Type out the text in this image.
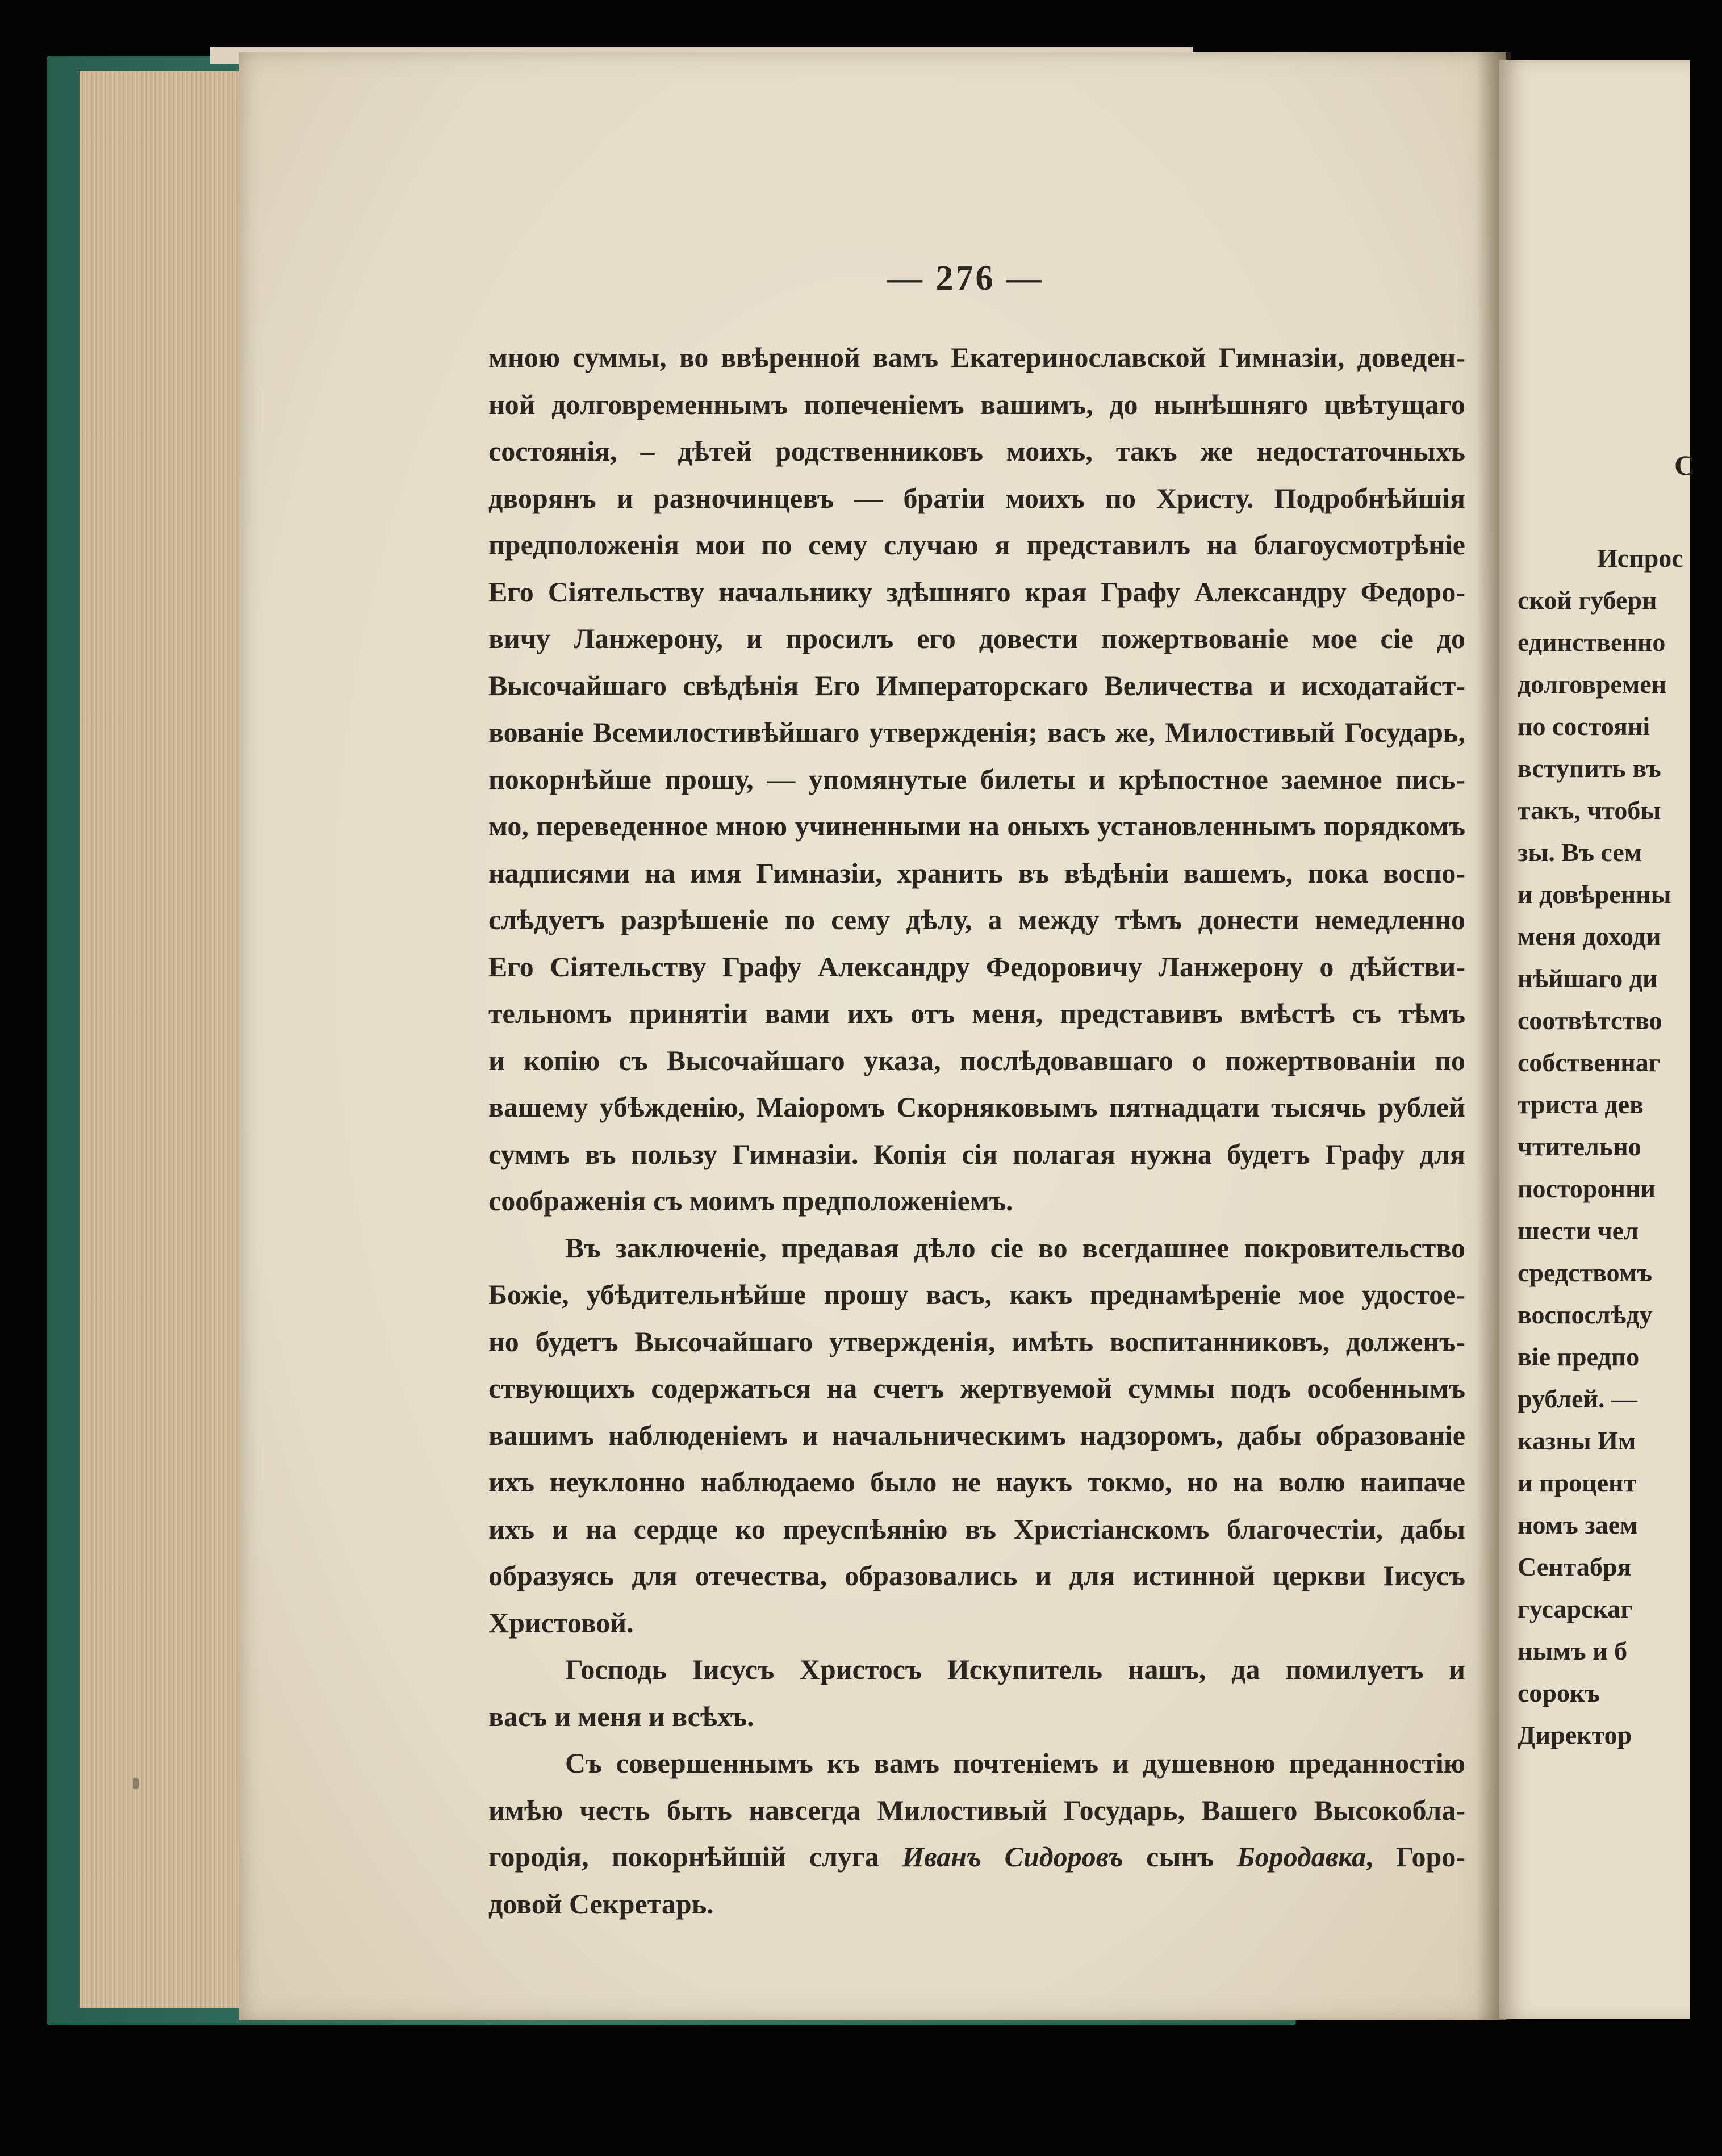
— 276 —
мною суммы, во ввѣренной вамъ Екатеринославской Гимназіи, доведен-
ной долговременнымъ попеченіемъ вашимъ, до нынѣшняго цвѣтущаго
состоянія, – дѣтей родственниковъ моихъ, такъ же недостаточныхъ
дворянъ и разночинцевъ — братіи моихъ по Христу. Подробнѣйшія
предположенія мои по сему случаю я представилъ на благоусмотрѣніе
Его Сіятельству начальнику здѣшняго края Графу Александру Федоро-
вичу Ланжерону, и просилъ его довести пожертвованіе мое сіе до
Высочайшаго свѣдѣнія Его Императорскаго Величества и исходатайст-
вованіе Всемилостивѣйшаго утвержденія; васъ же, Милостивый Государь,
покорнѣйше прошу, — упомянутые билеты и крѣпостное заемное пись-
мо, переведенное мною учиненными на оныхъ установленнымъ порядкомъ
надписями на имя Гимназіи, хранить въ вѣдѣніи вашемъ, пока воспо-
слѣдуетъ разрѣшеніе по сему дѣлу, а между тѣмъ донести немедленно
Его Сіятельству Графу Александру Федоровичу Ланжерону о дѣйстви-
тельномъ принятіи вами ихъ отъ меня, представивъ вмѣстѣ съ тѣмъ
и копію съ Высочайшаго указа, послѣдовавшаго о пожертвованіи по
вашему убѣжденію, Маіоромъ Скорняковымъ пятнадцати тысячь рублей
суммъ въ пользу Гимназіи. Копія сія полагая нужна будетъ Графу для
соображенія съ моимъ предположеніемъ.
Въ заключеніе, предавая дѣло сіе во всегдашнее покровительство
Божіе, убѣдительнѣйше прошу васъ, какъ преднамѣреніе мое удостое-
но будетъ Высочайшаго утвержденія, имѣть воспитанниковъ, долженъ-
ствующихъ содержаться на счетъ жертвуемой суммы подъ особеннымъ
вашимъ наблюденіемъ и начальническимъ надзоромъ, дабы образованіе
ихъ неуклонно наблюдаемо было не наукъ токмо, но на волю наипаче
ихъ и на сердце ко преуспѣянію въ Христіанскомъ благочестіи, дабы
образуясь для отечества, образовались и для истинной церкви Іисусъ
Христовой.
Господь Іисусъ Христосъ Искупитель нашъ, да помилуетъ и
васъ и меня и всѣхъ.
Съ совершеннымъ къ вамъ почтеніемъ и душевною преданностію
имѣю честь быть навсегда Милостивый Государь, Вашего Высокобла-
городія, покорнѣйшій слуга Иванъ Сидоровъ сынъ Бородавка, Горо-
довой Секретарь.
С
Испрос
ской губерн
единственно
долговремен
по состояні
вступить въ
такъ, чтобы
зы. Въ сем
и довѣренны
меня доходи
нѣйшаго ди
соотвѣтство
собственнаг
триста дев
чтительно
посторонни
шести чел
средствомъ
воспослѣду
віе предпо
рублей. —
казны Им
и процент
номъ заем
Сентабря
гусарскаг
нымъ и б
сорокъ
Директор
